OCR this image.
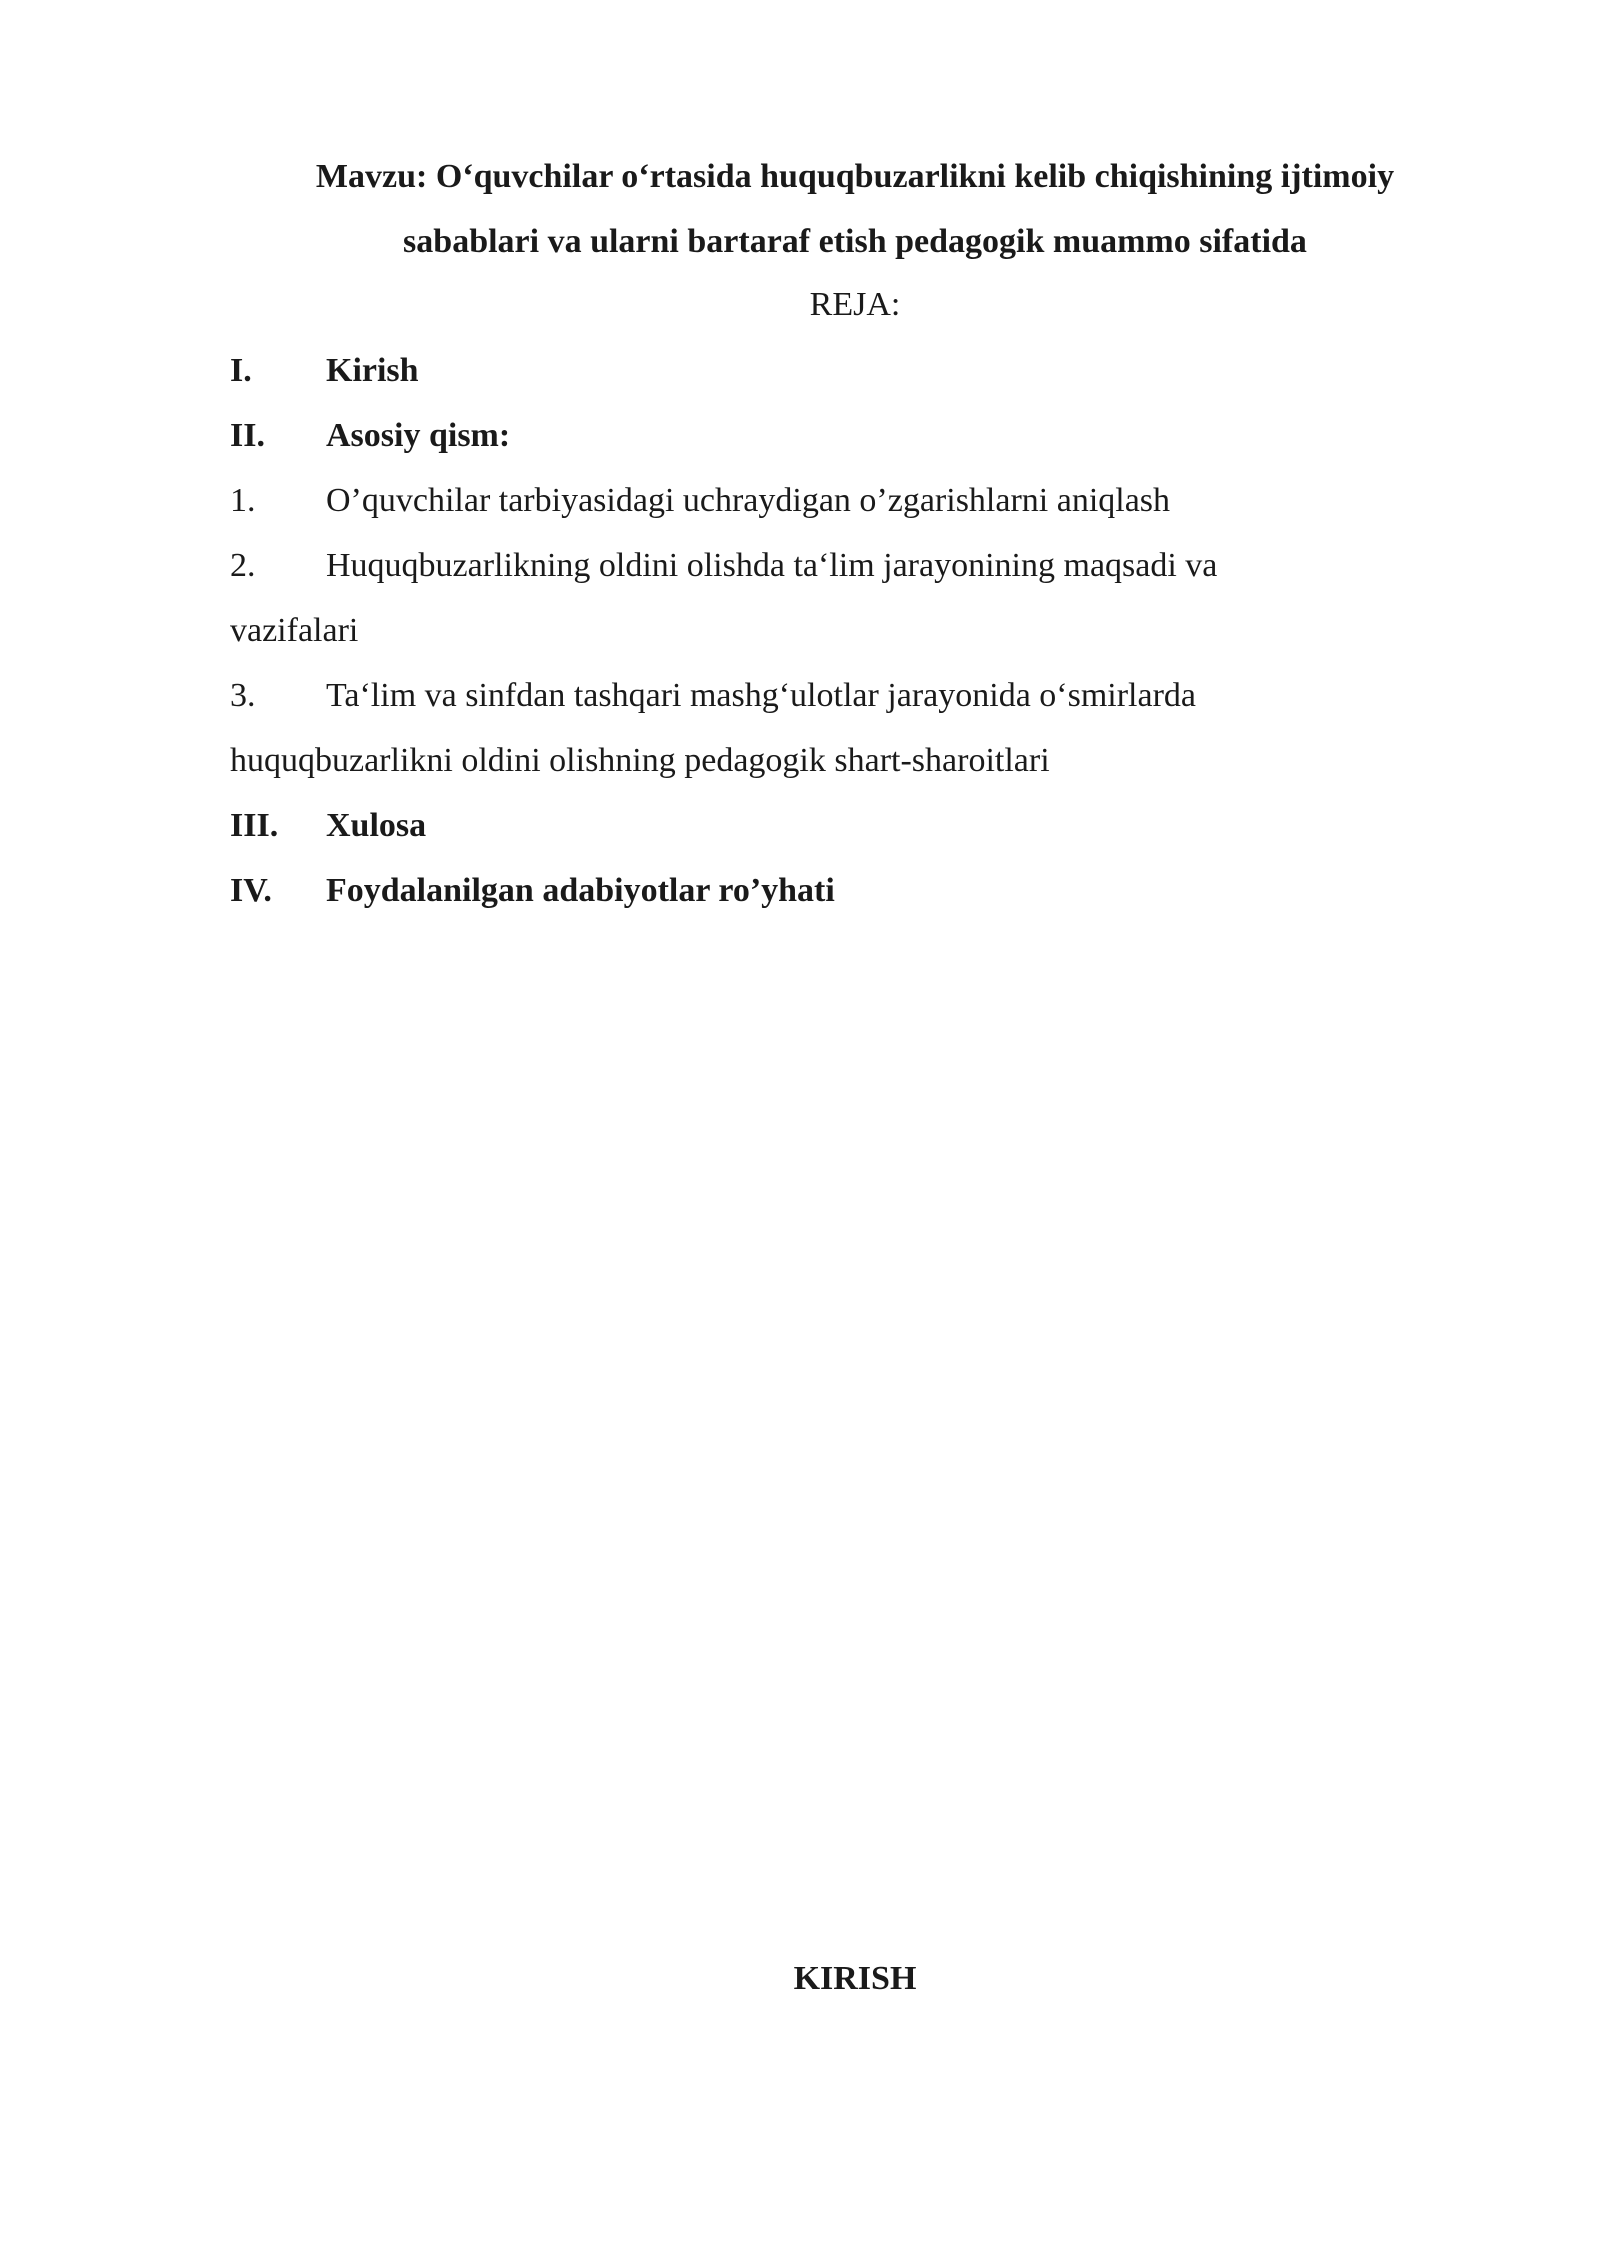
Mavzu: O‘quvchilar o‘rtasida huquqbuzarlikni kelib chiqishining ijtimoiy
sabablari va ularni bartaraf etish pedagogik muammo sifatida
REJA:
I. Kirish
II. Asosiy qism:
1. O’quvchilar tarbiyasidagi uchraydigan o’zgarishlarni aniqlash
2. Huquqbuzarlikning oldini olishda ta‘lim jarayonining maqsadi va
vazifalari
3. Ta‘lim va sinfdan tashqari mashg‘ulotlar jarayonida o‘smirlarda
huquqbuzarlikni oldini olishning pedagogik shart-sharoitlari
III. Xulosa
IV. Foydalanilgan adabiyotlar ro’yhati
KIRISH
